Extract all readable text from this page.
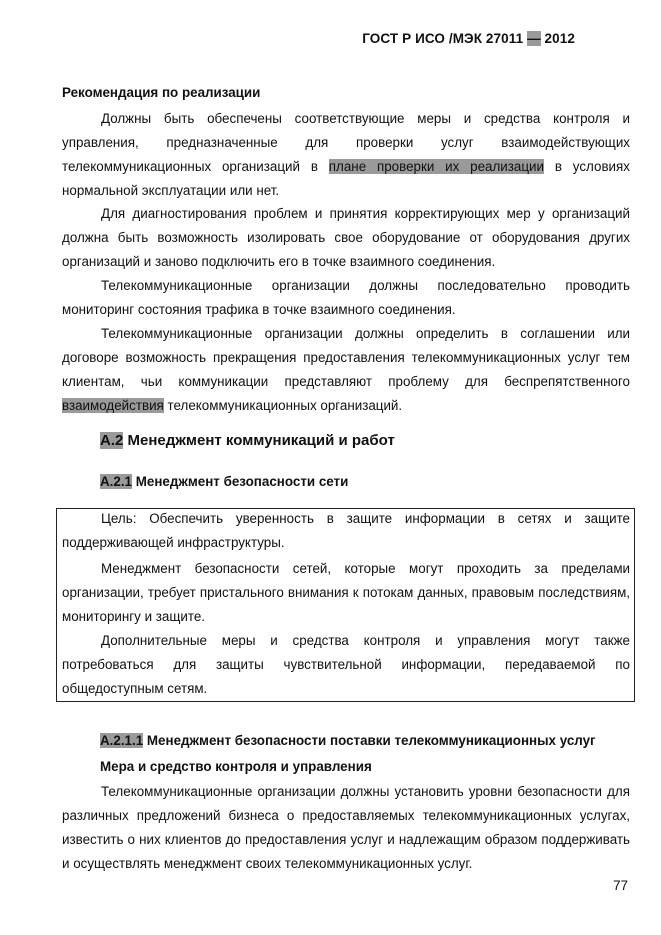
ГОСТ Р ИСО /МЭК 27011 — 2012
Рекомендация по реализации
Должны быть обеспечены соответствующие меры и средства контроля и управления, предназначенные для проверки услуг взаимодействующих телекоммуникационных организаций в плане проверки их реализации в условиях нормальной эксплуатации или нет.
Для диагностирования проблем и принятия корректирующих мер у организаций должна быть возможность изолировать свое оборудование от оборудования других организаций и заново подключить его в точке взаимного соединения.
Телекоммуникационные организации должны последовательно проводить мониторинг состояния трафика в точке взаимного соединения.
Телекоммуникационные организации должны определить в соглашении или договоре возможность прекращения предоставления телекоммуникационных услуг тем клиентам, чьи коммуникации представляют проблему для беспрепятственного взаимодействия телекоммуникационных организаций.
А.2 Менеджмент коммуникаций и работ
А.2.1 Менеджмент безопасности сети
Цель: Обеспечить уверенность в защите информации в сетях и защите поддерживающей инфраструктуры.
Менеджмент безопасности сетей, которые могут проходить за пределами организации, требует пристального внимания к потокам данных, правовым последствиям, мониторингу и защите.
Дополнительные меры и средства контроля и управления могут также потребоваться для защиты чувствительной информации, передаваемой по общедоступным сетям.
А.2.1.1 Менеджмент безопасности поставки телекоммуникационных услуг
Мера и средство контроля и управления
Телекоммуникационные организации должны установить уровни безопасности для различных предложений бизнеса о предоставляемых телекоммуникационных услугах, известить о них клиентов до предоставления услуг и надлежащим образом поддерживать и осуществлять менеджмент своих телекоммуникационных услуг.
77
